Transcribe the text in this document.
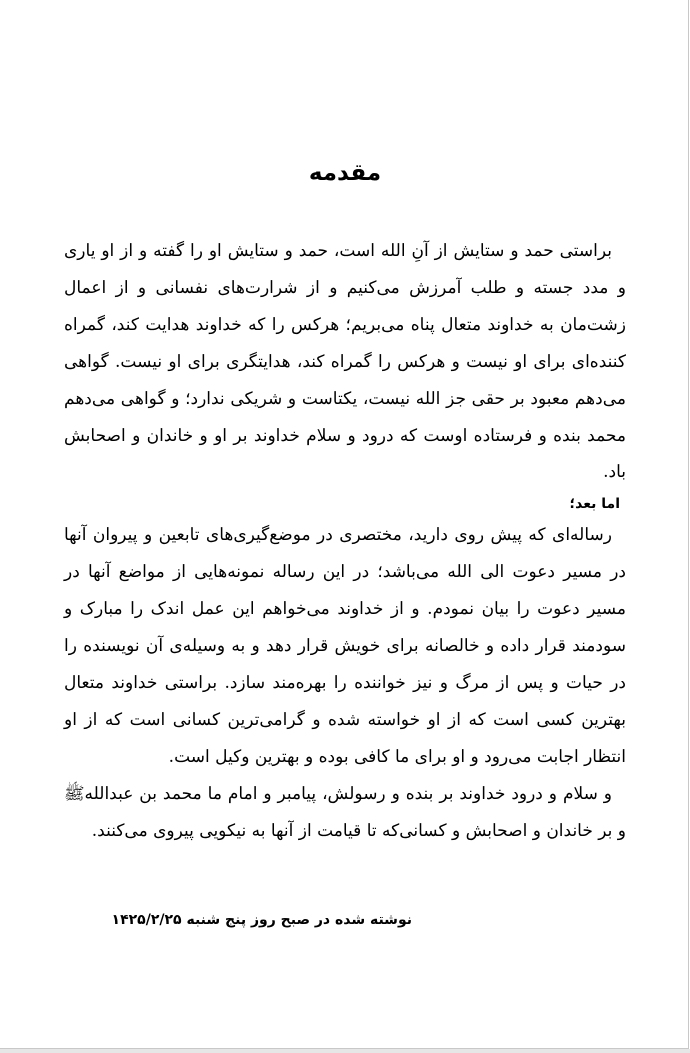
مقدمه

براستی حمد و ستایش از آنِ الله است، حمد و ستایش او را گفته و از او یاری و مدد جسته و طلب آمرزش می‌کنیم و از شرارت‌های نفسانی و از اعمال زشت‌مان به خداوند متعال پناه می‌بریم؛ هرکس را که خداوند هدایت کند، گمراه کننده‌ای برای او نیست و هرکس را گمراه کند، هدایتگری برای او نیست. گواهی می‌دهم معبود بر حقی جز الله نیست، یکتاست و شریکی ندارد؛ و گواهی می‌دهم محمد بنده و فرستاده اوست که درود و سلام خداوند بر او و خاندان و اصحابش باد.

اما بعد؛

رساله‌ای که پیش روی دارید، مختصری در موضع‌گیری‌های تابعین و پیروان آنها در مسیر دعوت الی الله می‌باشد؛ در این رساله نمونه‌هایی از مواضع آنها در مسیر دعوت را بیان نمودم. و از خداوند می‌خواهم این عمل اندک را مبارک و سودمند قرار داده و خالصانه برای خویش قرار دهد و به وسیله‌ی آن نویسنده را در حیات و پس از مرگ و نیز خواننده را بهره‌مند سازد. براستی خداوند متعال بهترین کسی است که از او خواسته شده و گرامی‌ترین کسانی است که از او انتظار اجابت می‌رود و او برای ما کافی بوده و بهترین وکیل است.

و سلام و درود خداوند بر بنده و رسولش، پیامبر و امام ما محمد بن عبدالله‌ﷺ و بر خاندان و اصحابش و کسانی‌که تا قیامت از آنها به نیکویی پیروی می‌کنند.

نوشته شده در صبح روز پنج شنبه ۱۴۲۵/۲/۲۵
